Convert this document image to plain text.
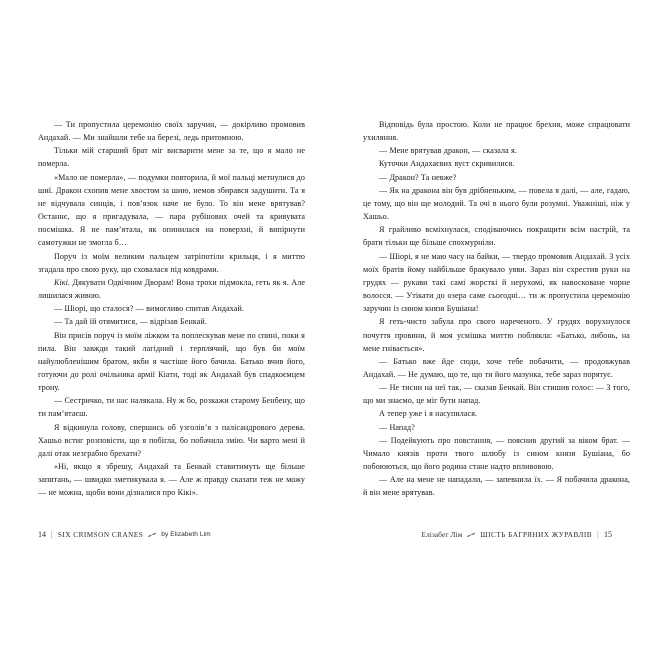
— Ти пропустила церемонію своїх заручин, — докірливо промовив Андахай. — Ми знайшли тебе на березі, ледь притомною.

Тільки мій старший брат міг висварити мене за те, що я мало не померла.

«Мало не померла», — подумки повторила, й мої пальці метнулися до шиї. Дракон схопив мене хвостом за шию, немов збирався задушити. Та я не відчувала синців, і пов’язок наче не було. То він мене врятував? Останнє, що я пригадувала, — пара рубінових очей та кривувата посмішка. Я не пам’ятала, як опинилася на поверхні, й випірнути самотужки не змогла б…

Поруч із моїм великим пальцем затріпотіли крильця, і я миттю згадала про свою руку, що сховалася під ковдрами.

Кікі. Дякувати Одвічним Дворам! Вона трохи підмокла, геть як я. Але лишилася живою.

— Шіорі, що сталося? — вимогливо спитав Андахай.

— Та дай їй отямитися, — відрізав Бенкай.

Він присів поруч із моїм ліжком та поплескував мене по спині, поки я пила. Він завжди такий лагідний і терплячий, що був би моїм найулюбленішим братом, якби я частіше його бачила. Батько вчив його, готуючи до ролі очільника армії Кіати, тоді як Андахай був спадкоємцем трону.

— Сестричко, ти нас налякала. Ну ж бо, розкажи старому Бенбену, що ти пам’ятаєш.

Я відкинула голову, спершись об узголів’я з палісандрового дерева. Хашьо встиг розповісти, що я побігла, бо побачила змію. Чи варто мені й далі отак незграбно брехати?

«Ні, якщо я збрешу, Андахай та Бенкай ставитимуть ще більше запитань, — швидко зметикувала я. — Але ж правду сказати теж не можу — не можна, щоби вони дізналися про Кікі».

14 | SIX CRIMSON CRANES	by Elizabeth Lim

Відповідь була простою. Коли не працює брехня, може спрацювати ухиляння.

— Мене врятував дракон, — сказала я.

Куточки Андахаєвих вуст скривилися.

— Дракон? Та невже?

— Як на дракона він був дрібненьким, — повела я далі, — але, гадаю, це тому, що він ще молодий. Та очі в нього були розумні. Уважніші, ніж у Хашьо.

Я грайливо всміхнулася, сподіваючись покращити всім настрій, та брати тільки ще більше спохмурніли.

— Шіорі, я не маю часу на байки, — твердо промовив Андахай. З усіх моїх братів йому найбільше бракувало уяви. Зараз він схрестив руки на грудях — рукави такі самі жорсткі й нерухомі, як навосковане чорне волосся. — Утікати до озера саме сьогодні… ти ж пропустила церемонію заручин із сином князя Бушіана!

Я геть-чисто забула про свого нареченого. У грудях ворухнулося почуття провини, й моя усмішка миттю побляклa: «Батько, либонь, на мене гнівається».

— Батько вже йде сюди, хоче тебе побачити, — продовжував Андахай. — Не думаю, що те, що ти його мазунка, тебе зараз порятує.

— Не тисни на неї так, — сказав Бенкай. Він стишив голос: — З того, що ми знаємо, це міг бути напад.

А тепер уже і я насупилася.

— Напад?

— Подейкують про повстання, — пояснив другий за віком брат. — Чимало князів проти твого шлюбу із сином князя Бушіана, бо побоюються, що його родина стане надто впливовою.

— Але на мене не нападали, — запевнила їх. — Я побачила дракона, й він мене врятував.

Елізабет Лім	ШІСТЬ БАГРЯНИХ ЖУРАВЛІВ | 15
